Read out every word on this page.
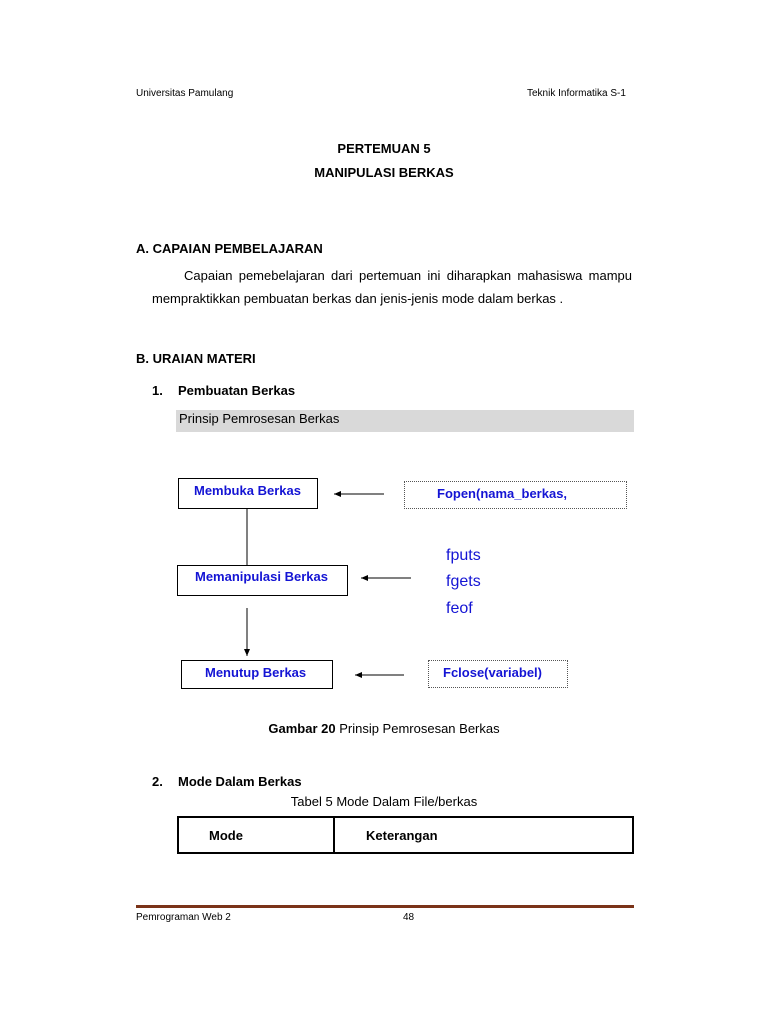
Universitas Pamulang	Teknik Informatika S-1
PERTEMUAN 5
MANIPULASI BERKAS
A. CAPAIAN PEMBELAJARAN
Capaian pemebelajaran dari pertemuan ini diharapkan mahasiswa mampu
mempraktikkan pembuatan berkas dan jenis-jenis mode dalam berkas .
B. URAIAN MATERI
1. Pembuatan Berkas
Prinsip Pemrosesan Berkas
Membuka Berkas
Memanipulasi Berkas
Menutup Berkas
Fopen(nama_berkas,
fputs
fgets
feof
Fclose(variabel)
Gambar 20 Prinsip Pemrosesan Berkas
2. Mode Dalam Berkas
Tabel 5 Mode Dalam File/berkas
Mode	Keterangan
Pemrograman Web 2	48
